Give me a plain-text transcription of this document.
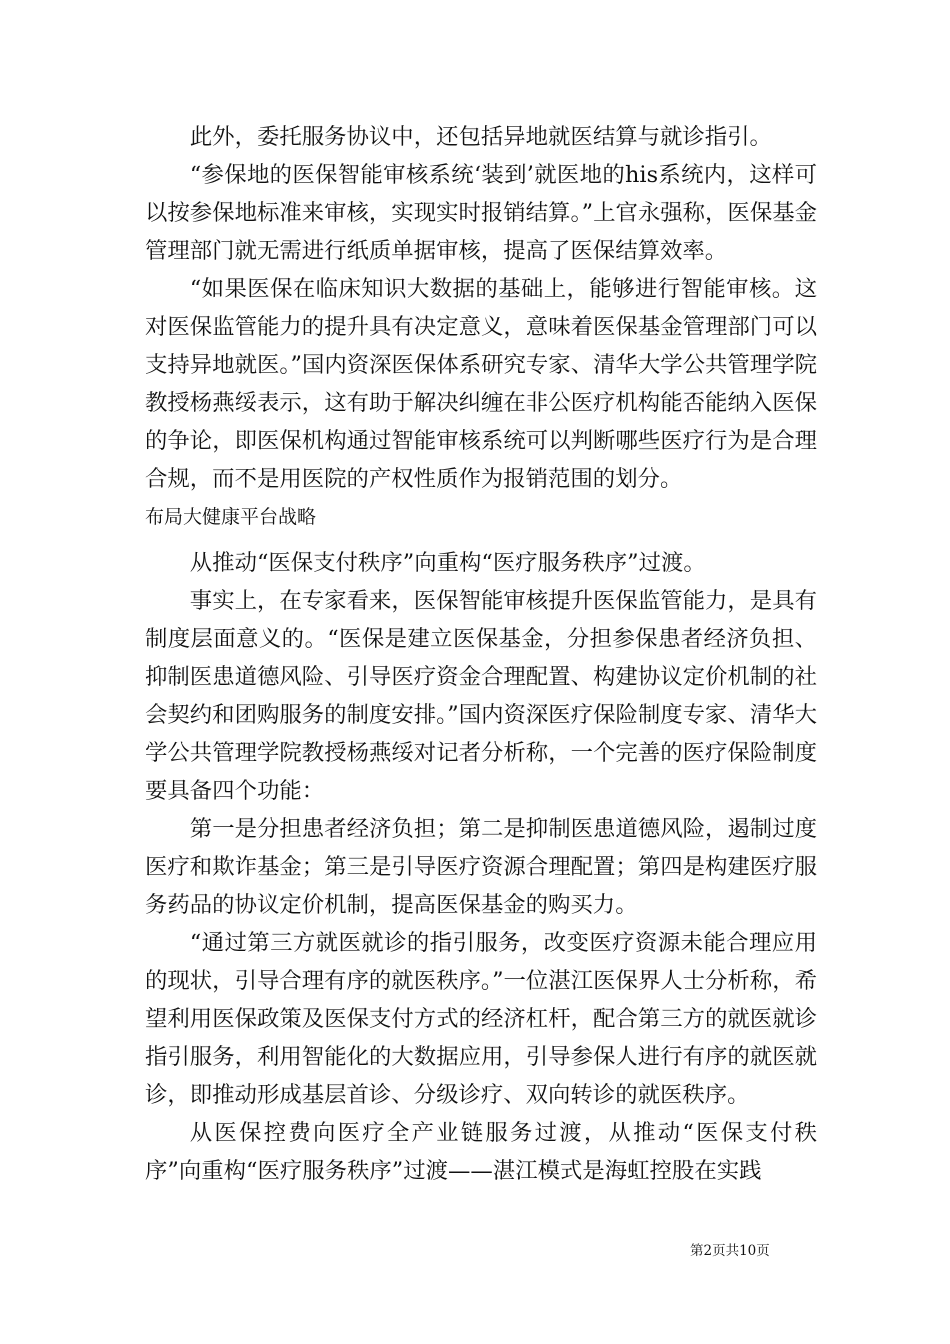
此外，委托服务协议中，还包括异地就医结算与就诊指引。

“参保地的医保智能审核系统‘装到’就医地的his系统内，这样可以按参保地标准来审核，实现实时报销结算。”上官永强称，医保基金管理部门就无需进行纸质单据审核，提高了医保结算效率。

“如果医保在临床知识大数据的基础上，能够进行智能审核。这对医保监管能力的提升具有决定意义，意味着医保基金管理部门可以支持异地就医。”国内资深医保体系研究专家、清华大学公共管理学院教授杨燕绥表示，这有助于解决纠缠在非公医疗机构能否能纳入医保的争论，即医保机构通过智能审核系统可以判断哪些医疗行为是合理合规，而不是用医院的产权性质作为报销范围的划分。

布局大健康平台战略

从推动“医保支付秩序”向重构“医疗服务秩序”过渡。

事实上，在专家看来，医保智能审核提升医保监管能力，是具有制度层面意义的。“医保是建立医保基金，分担参保患者经济负担、抑制医患道德风险、引导医疗资金合理配置、构建协议定价机制的社会契约和团购服务的制度安排。”国内资深医疗保险制度专家、清华大学公共管理学院教授杨燕绥对记者分析称，一个完善的医疗保险制度要具备四个功能：

第一是分担患者经济负担；第二是抑制医患道德风险，遏制过度医疗和欺诈基金；第三是引导医疗资源合理配置；第四是构建医疗服务药品的协议定价机制，提高医保基金的购买力。

“通过第三方就医就诊的指引服务，改变医疗资源未能合理应用的现状，引导合理有序的就医秩序。”一位湛江医保界人士分析称，希望利用医保政策及医保支付方式的经济杠杆，配合第三方的就医就诊指引服务，利用智能化的大数据应用，引导参保人进行有序的就医就诊，即推动形成基层首诊、分级诊疗、双向转诊的就医秩序。

从医保控费向医疗全产业链服务过渡，从推动“医保支付秩序”向重构“医疗服务秩序”过渡——湛江模式是海虹控股在实践

第2页共10页
